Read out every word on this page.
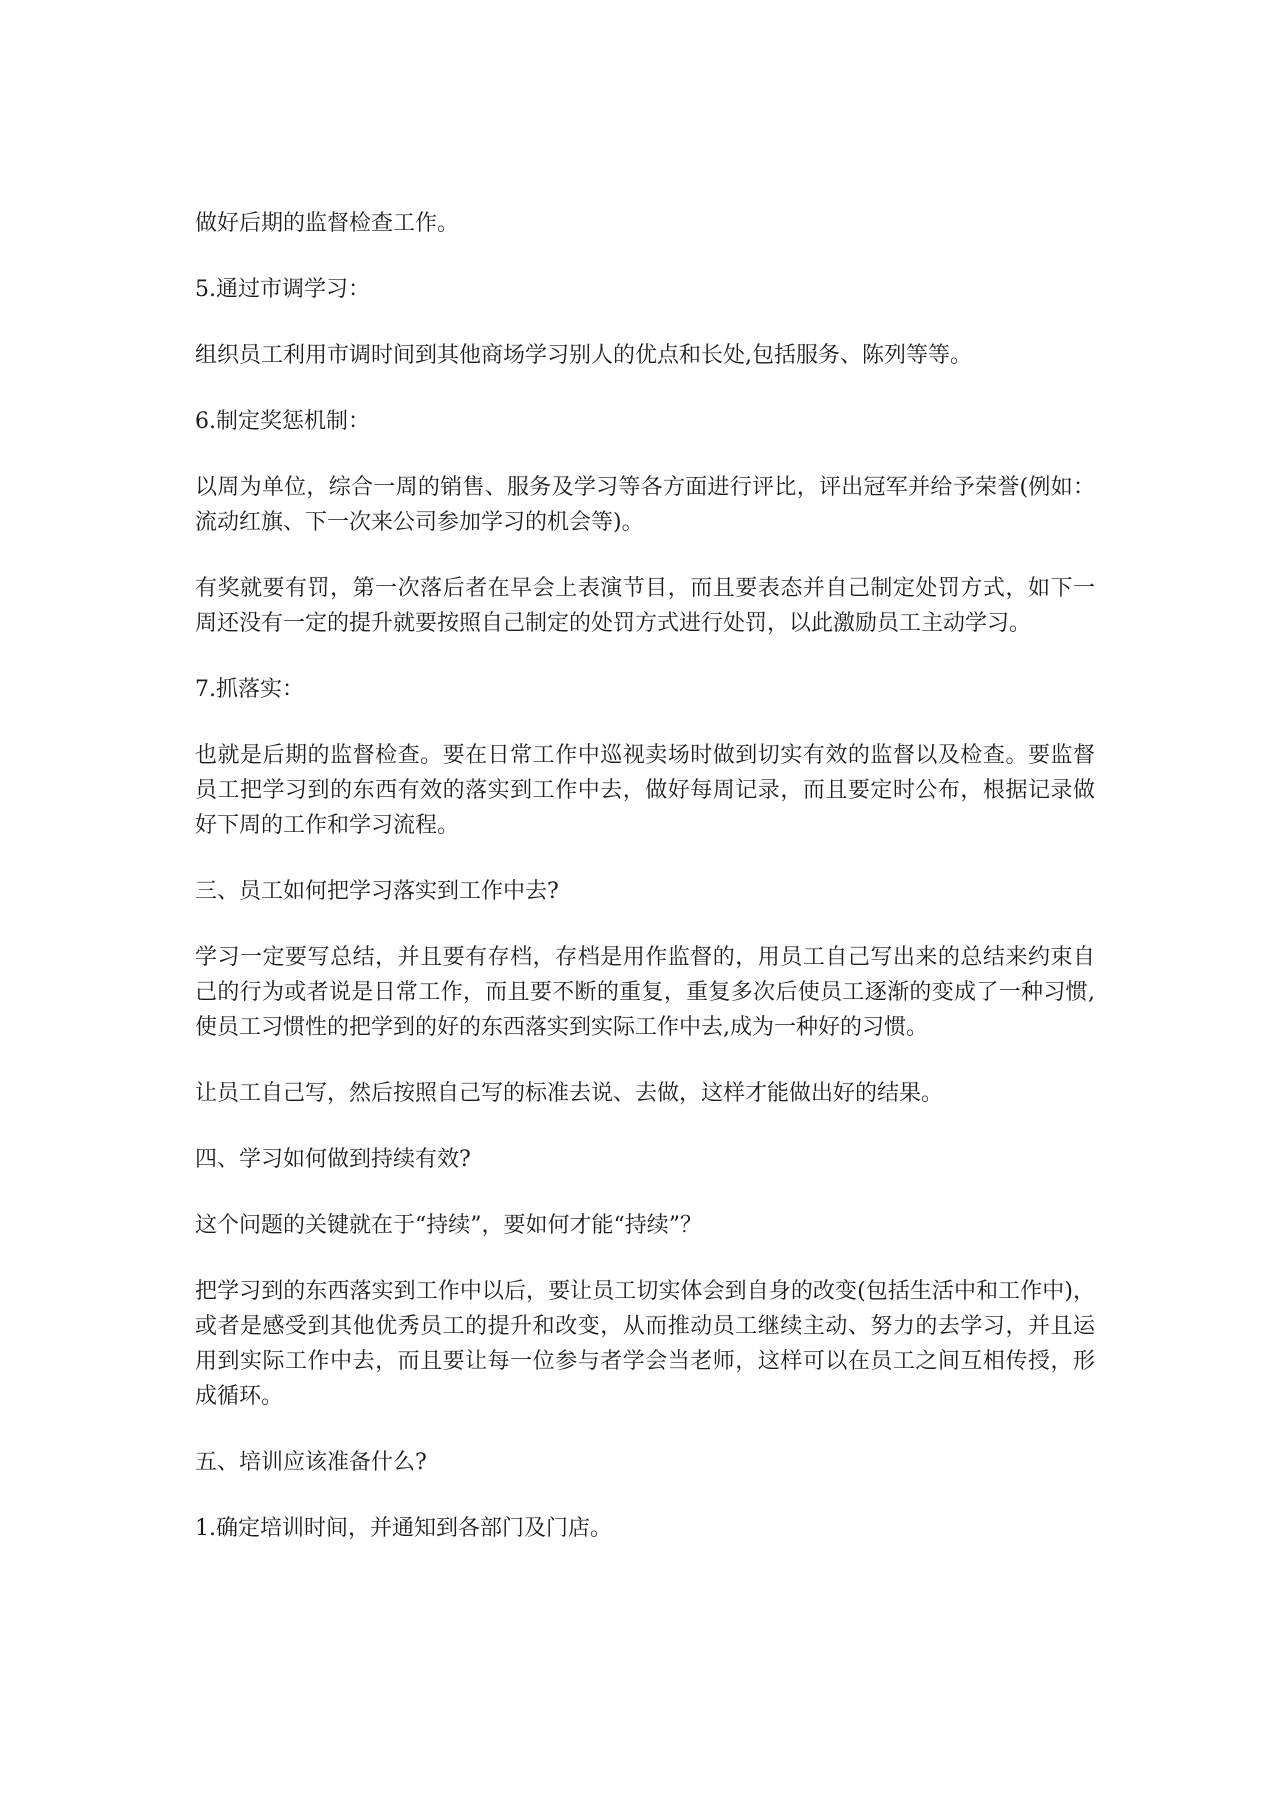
做好后期的监督检查工作。

5.通过市调学习：

组织员工利用市调时间到其他商场学习别人的优点和长处,包括服务、陈列等等。

6.制定奖惩机制：

以周为单位，综合一周的销售、服务及学习等各方面进行评比，评出冠军并给予荣誉(例如：流动红旗、下一次来公司参加学习的机会等)。

有奖就要有罚，第一次落后者在早会上表演节目，而且要表态并自己制定处罚方式，如下一周还没有一定的提升就要按照自己制定的处罚方式进行处罚，以此激励员工主动学习。

7.抓落实：

也就是后期的监督检查。要在日常工作中巡视卖场时做到切实有效的监督以及检查。要监督员工把学习到的东西有效的落实到工作中去，做好每周记录，而且要定时公布，根据记录做好下周的工作和学习流程。

三、员工如何把学习落实到工作中去?

学习一定要写总结，并且要有存档，存档是用作监督的，用员工自己写出来的总结来约束自己的行为或者说是日常工作，而且要不断的重复，重复多次后使员工逐渐的变成了一种习惯,使员工习惯性的把学到的好的东西落实到实际工作中去,成为一种好的习惯。

让员工自己写，然后按照自己写的标准去说、去做，这样才能做出好的结果。

四、学习如何做到持续有效?

这个问题的关键就在于“持续”，要如何才能“持续”？

把学习到的东西落实到工作中以后，要让员工切实体会到自身的改变(包括生活中和工作中)，或者是感受到其他优秀员工的提升和改变，从而推动员工继续主动、努力的去学习，并且运用到实际工作中去，而且要让每一位参与者学会当老师，这样可以在员工之间互相传授，形成循环。

五、培训应该准备什么?

1.确定培训时间，并通知到各部门及门店。
